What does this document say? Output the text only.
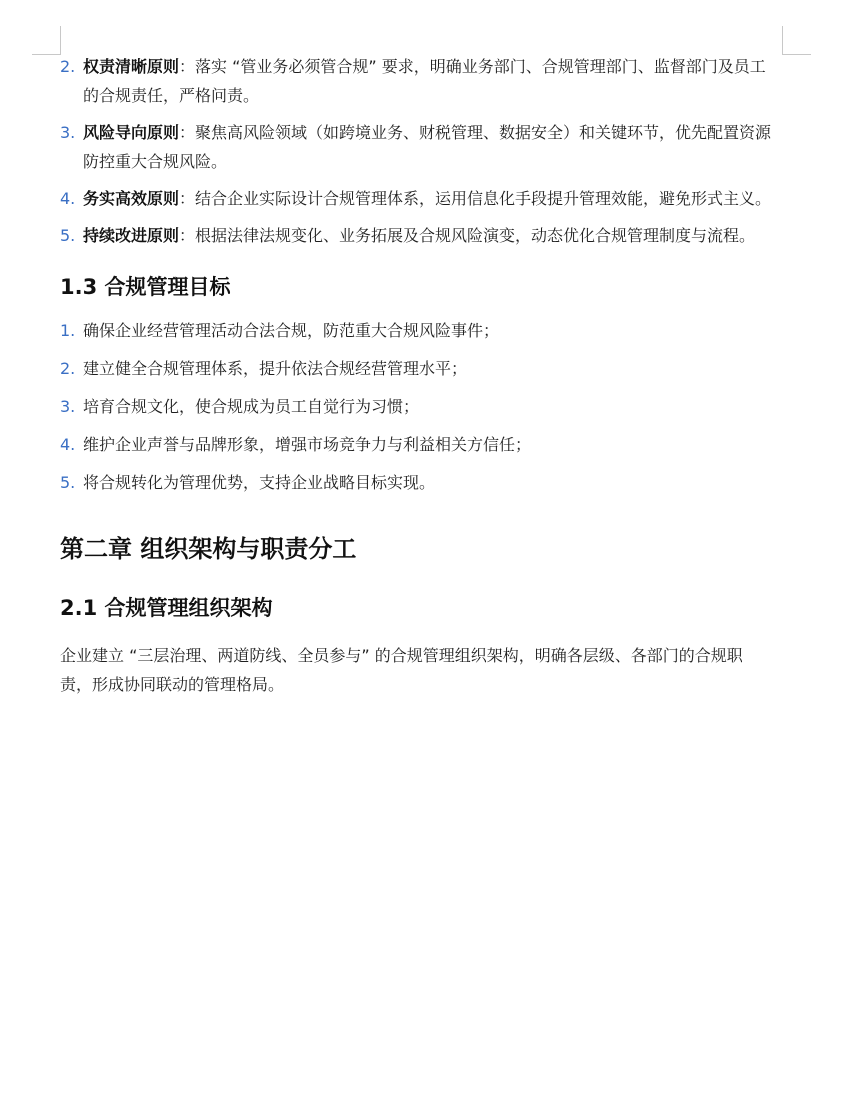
2. 权责清晰原则：落实 “管业务必须管合规” 要求，明确业务部门、合规管理部门、监督部门及员工的合规责任，严格问责。
3. 风险导向原则：聚焦高风险领域（如跨境业务、财税管理、数据安全）和关键环节，优先配置资源防控重大合规风险。
4. 务实高效原则：结合企业实际设计合规管理体系，运用信息化手段提升管理效能，避免形式主义。
5. 持续改进原则：根据法律法规变化、业务拓展及合规风险演变，动态优化合规管理制度与流程。
1.3 合规管理目标
1. 确保企业经营管理活动合法合规，防范重大合规风险事件；
2. 建立健全合规管理体系，提升依法合规经营管理水平；
3. 培育合规文化，使合规成为员工自觉行为习惯；
4. 维护企业声誉与品牌形象，增强市场竞争力与利益相关方信任；
5. 将合规转化为管理优势，支持企业战略目标实现。
第二章 组织架构与职责分工
2.1 合规管理组织架构

企业建立 “三层治理、两道防线、全员参与” 的合规管理组织架构，明确各层级、各部门的合规职责，形成协同联动的管理格局。
